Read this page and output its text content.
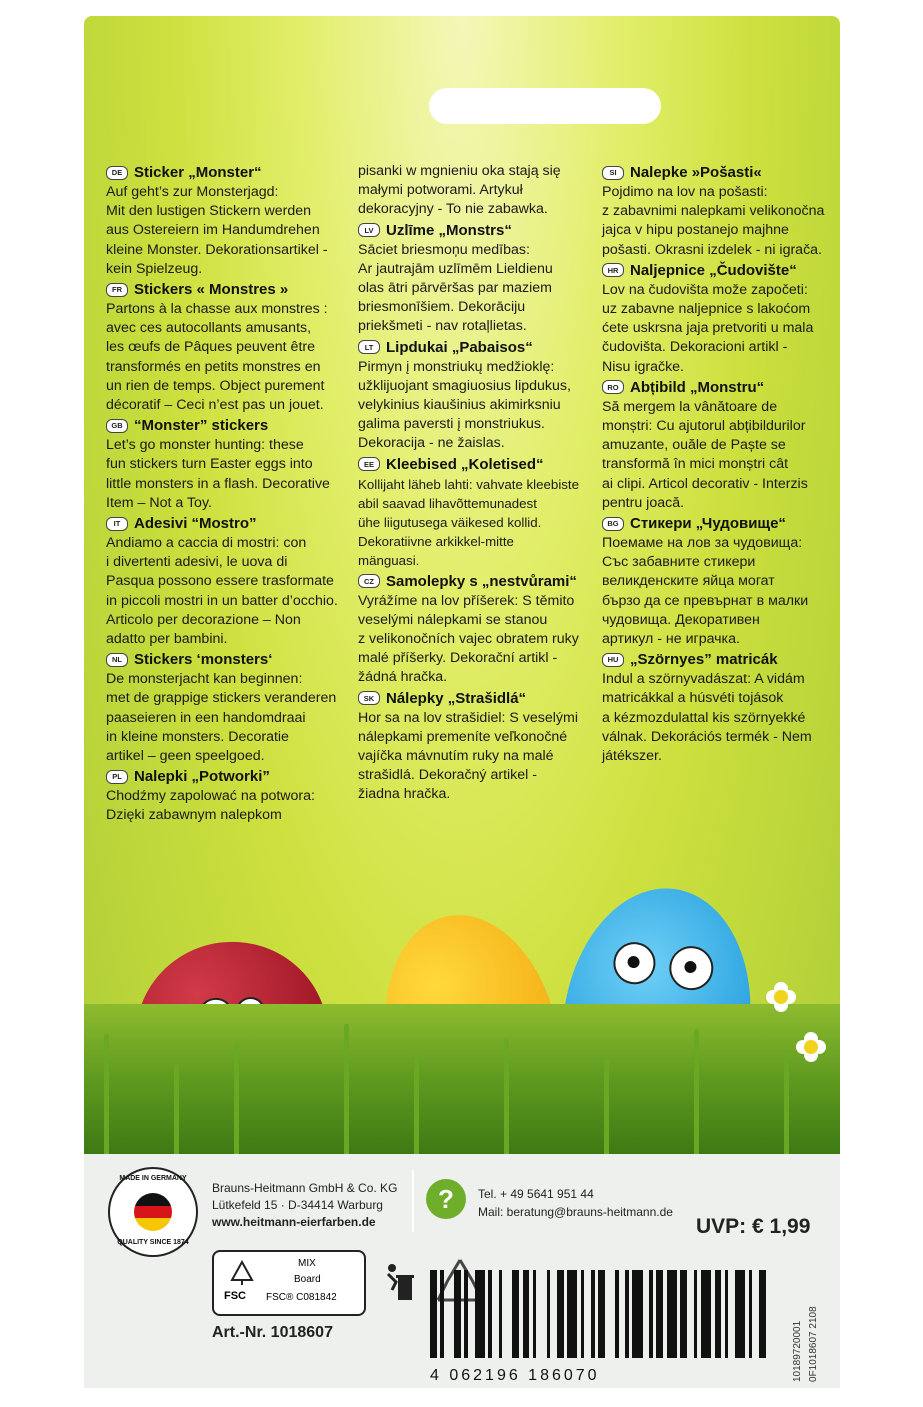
DE Sticker „Monster“
Auf geht’s zur Monsterjagd:
Mit den lustigen Stickern werden
aus Ostereiern im Handumdrehen
kleine Monster. Dekorationsartikel -
kein Spielzeug.
FR Stickers « Monstres »
Partons à la chasse aux monstres :
avec ces autocollants amusants,
les œufs de Pâques peuvent être
transformés en petits monstres en
un rien de temps. Object purement
décoratif – Ceci n’est pas un jouet.
GB “Monster” stickers
Let’s go monster hunting: these
fun stickers turn Easter eggs into
little monsters in a flash. Decorative
Item – Not a Toy.
IT Adesivi “Mostro”
Andiamo a caccia di mostri: con
i divertenti adesivi, le uova di
Pasqua possono essere trasformate
in piccoli mostri in un batter d’occhio.
Articolo per decorazione – Non
adatto per bambini.
NL Stickers ‘monsters‘
De monsterjacht kan beginnen:
met de grappige stickers veranderen
paaseieren in een handomdraai
in kleine monsters. Decoratie
artikel – geen speelgoed.
PL Nalepki „Potworki”
Chodźmy zapolować na potwora:
Dzięki zabawnym nalepkom
pisanki w mgnieniu oka stają się
małymi potworami. Artykuł
dekoracyjny - To nie zabawka.
LV Uzlīme „Monstrs“
Sāciet briesmoņu medības:
Ar jautrajām uzlīmēm Lieldienu
olas ātri pārvēršas par maziem
briesmonīšiem. Dekorāciju
priekšmeti - nav rotaļlietas.
LT Lipdukai „Pabaisos“
Pirmyn į monstriukų medžioklę:
užklijuojant smagiuosius lipdukus,
velykinius kiaušinius akimirksniu
galima paversti į monstriukus.
Dekoracija - ne žaislas.
EE Kleebised „Koletised“
Kollijaht läheb lahti: vahvate kleebiste
abil saavad lihavõttemunadest
ühe liigutusega väikesed kollid.
Dekoratiivne arkikkel-mitte
mänguasi.
CZ Samolepky s „nestvůrami“
Vyrážíme na lov příšerek: S těmito
veselými nálepkami se stanou
z velikonočních vajec obratem ruky
malé příšerky. Dekorační artikl -
žádná hračka.
SK Nálepky „Strašidlá“
Hor sa na lov strašidiel: S veselými
nálepkami premeníte veľkonočné
vajíčka mávnutím ruky na malé
strašidlá. Dekoračný artikel -
žiadna hračka.
SI Nalepke »Pošasti«
Pojdimo na lov na pošasti:
z zabavnimi nalepkami velikonočna
jajca v hipu postanejo majhne
pošasti. Okrasni izdelek - ni igrača.
HR Naljepnice „Čudovište“
Lov na čudovišta može započeti:
uz zabavne naljepnice s lakoćom
ćete uskrsna jaja pretvoriti u mala
čudovišta. Dekoracioni artikl -
Nisu igračke.
RO Abțibild „Monstru“
Să mergem la vânătoare de
monștri: Cu ajutorul abțibildurilor
amuzante, ouăle de Paște se
transformă în mici monștri cât
ai clipi. Articol decorativ - Interzis
pentru joacă.
BG Стикери „Чудовище“
Поемаме на лов за чудовища:
Със забавните стикери
великденските яйца могат
бързо да се превърнат в малки
чудовища. Декоративен
артикул - не играчка.
HU „Szörnyes” matricák
Indul a szörnyvadászat: A vidám
matricákkal a húsvéti tojások
a kézmozdulattal kis szörnyekké
válnak. Dekorációs termék - Nem
játékszer.
MADE IN GERMANY
QUALITY SINCE 1874
Brauns-Heitmann GmbH & Co. KG
Lütkefeld 15 · D-34414 Warburg
www.heitmann-eierfarben.de
?	Tel. + 49 5641 951 44
Mail: beratung@brauns-heitmann.de
UVP: € 1,99
FSC
MIX
Board
FSC® C081842
Art.-Nr. 1018607
4 062196 186070	10189720001 0F1018607 2108
